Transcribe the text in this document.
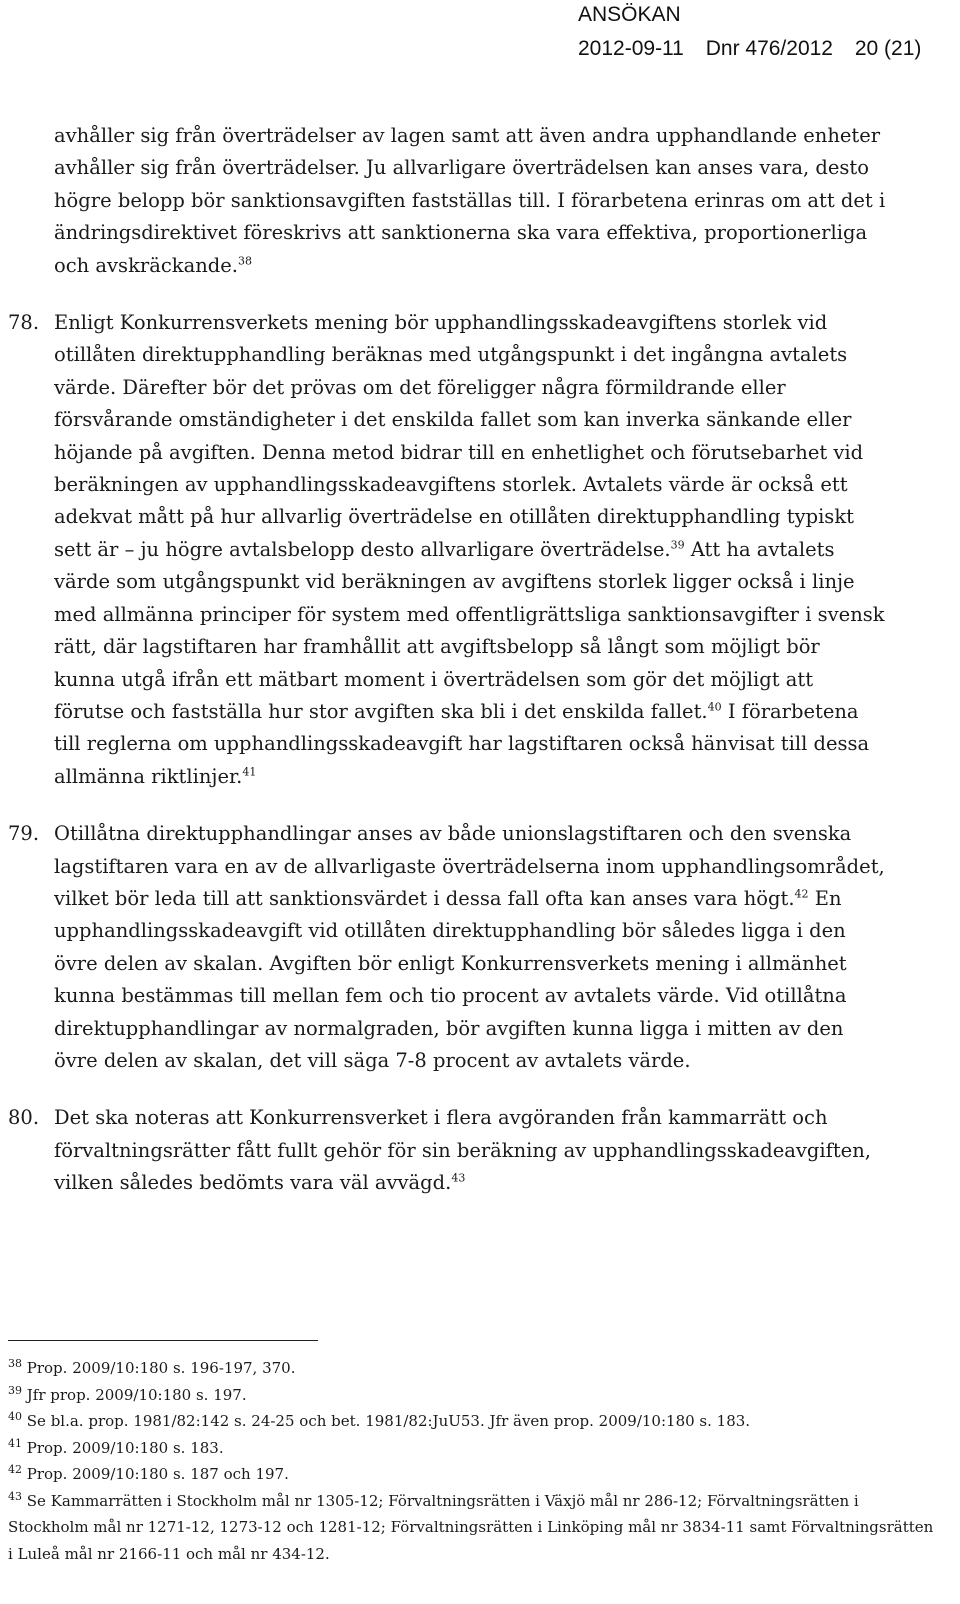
ANSÖKAN
2012-09-11 Dnr 476/2012 20 (21)
avhåller sig från överträdelser av lagen samt att även andra upphandlande enheter avhåller sig från överträdelser. Ju allvarligare överträdelsen kan anses vara, desto högre belopp bör sanktionsavgiften fastställas till. I förarbetena erinras om att det i ändringsdirektivet föreskrivs att sanktionerna ska vara effektiva, proportionerliga och avskräckande.$^{38}$
78. Enligt Konkurrensverkets mening bör upphandlingsskadeavgiftens storlek vid otillåten direktupphandling beräknas med utgångspunkt i det ingångna avtalets värde. Därefter bör det prövas om det föreligger några förmildrande eller försvårande omständigheter i det enskilda fallet som kan inverka sänkande eller höjande på avgiften. Denna metod bidrar till en enhetlighet och förutsebarhet vid beräkningen av upphandlingsskadeavgiftens storlek. Avtalets värde är också ett adekvat mått på hur allvarlig överträdelse en otillåten direktupphandling typiskt sett är – ju högre avtalsbelopp desto allvarligare överträdelse.$^{39}$ Att ha avtalets värde som utgångspunkt vid beräkningen av avgiftens storlek ligger också i linje med allmänna principer för system med offentligrättsliga sanktionsavgifter i svensk rätt, där lagstiftaren har framhållit att avgiftsbelopp så långt som möjligt bör kunna utgå ifrån ett mätbart moment i överträdelsen som gör det möjligt att förutse och fastställa hur stor avgiften ska bli i det enskilda fallet.$^{40}$ I förarbetena till reglerna om upphandlingsskadeavgift har lagstiftaren också hänvisat till dessa allmänna riktlinjer.$^{41}$
79. Otillåtna direktupphandlingar anses av både unionslagstiftaren och den svenska lagstiftaren vara en av de allvarligaste överträdelserna inom upphandlingsområdet, vilket bör leda till att sanktionsvärdet i dessa fall ofta kan anses vara högt.$^{42}$ En upphandlingsskadeavgift vid otillåten direktupphandling bör således ligga i den övre delen av skalan. Avgiften bör enligt Konkurrensverkets mening i allmänhet kunna bestämmas till mellan fem och tio procent av avtalets värde. Vid otillåtna direktupphandlingar av normalgraden, bör avgiften kunna ligga i mitten av den övre delen av skalan, det vill säga 7-8 procent av avtalets värde.
80. Det ska noteras att Konkurrensverket i flera avgöranden från kammarrätt och förvaltningsrätter fått fullt gehör för sin beräkning av upphandlingsskadeavgiften, vilken således bedömts vara väl avvägd.$^{43}$

$^{38}$ Prop. 2009/10:180 s. 196-197, 370.

$^{39}$ Jfr prop. 2009/10:180 s. 197.

$^{40}$ Se bl.a. prop. 1981/82:142 s. 24-25 och bet. 1981/82:JuU53. Jfr även prop. 2009/10:180 s. 183.

$^{41}$ Prop. 2009/10:180 s. 183.

$^{42}$ Prop. 2009/10:180 s. 187 och 197.

$^{43}$ Se Kammarrätten i Stockholm mål nr 1305-12; Förvaltningsrätten i Växjö mål nr 286-12; Förvaltningsrätten i Stockholm mål nr 1271-12, 1273-12 och 1281-12; Förvaltningsrätten i Linköping mål nr 3834-11 samt Förvaltningsrätten i Luleå mål nr 2166-11 och mål nr 434-12.
